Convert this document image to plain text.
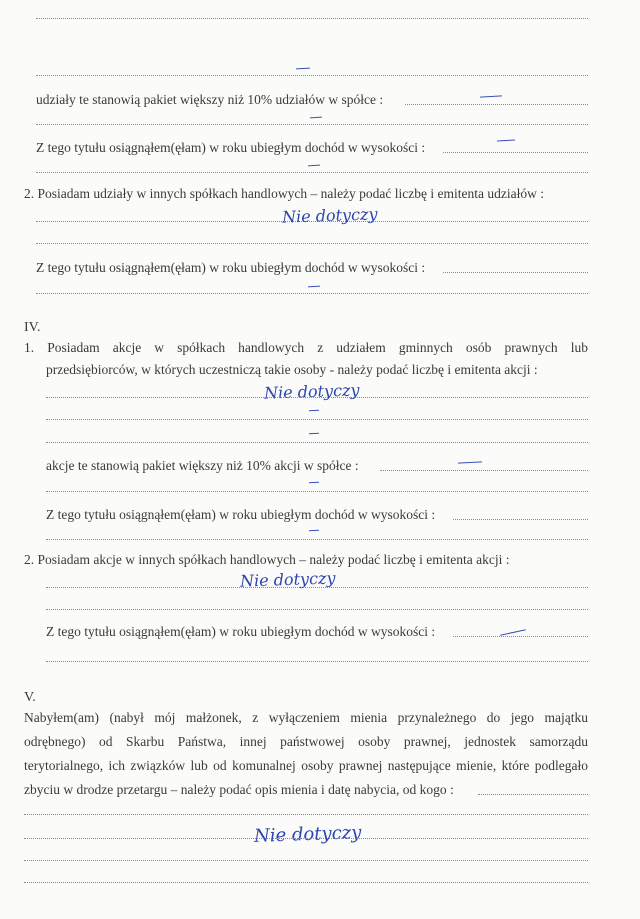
udziały te stanowią pakiet większy niż 10% udziałów w spółce :
Z tego tytułu osiągnąłem(ęłam) w roku ubiegłym dochód w wysokości :
2. Posiadam udziały w innych spółkach handlowych – należy podać liczbę i emitenta udziałów :
Nie dotyczy
Z tego tytułu osiągnąłem(ęłam) w roku ubiegłym dochód w wysokości :
IV.
1. Posiadam akcje w spółkach handlowych z udziałem gminnych osób prawnych lub
przedsiębiorców, w których uczestniczą takie osoby - należy podać liczbę i emitenta akcji :
Nie dotyczy
akcje te stanowią pakiet większy niż 10% akcji w spółce :
Z tego tytułu osiągnąłem(ęłam) w roku ubiegłym dochód w wysokości :
2. Posiadam akcje w innych spółkach handlowych – należy podać liczbę i emitenta akcji :
Nie dotyczy
Z tego tytułu osiągnąłem(ęłam) w roku ubiegłym dochód w wysokości :
V.
Nabyłem(am) (nabył mój małżonek, z wyłączeniem mienia przynależnego do jego majątku
odrębnego) od Skarbu Państwa, innej państwowej osoby prawnej, jednostek samorządu
terytorialnego, ich związków lub od komunalnej osoby prawnej następujące mienie, które podlegało
zbyciu w drodze przetargu – należy podać opis mienia i datę nabycia, od kogo :
Nie dotyczy
